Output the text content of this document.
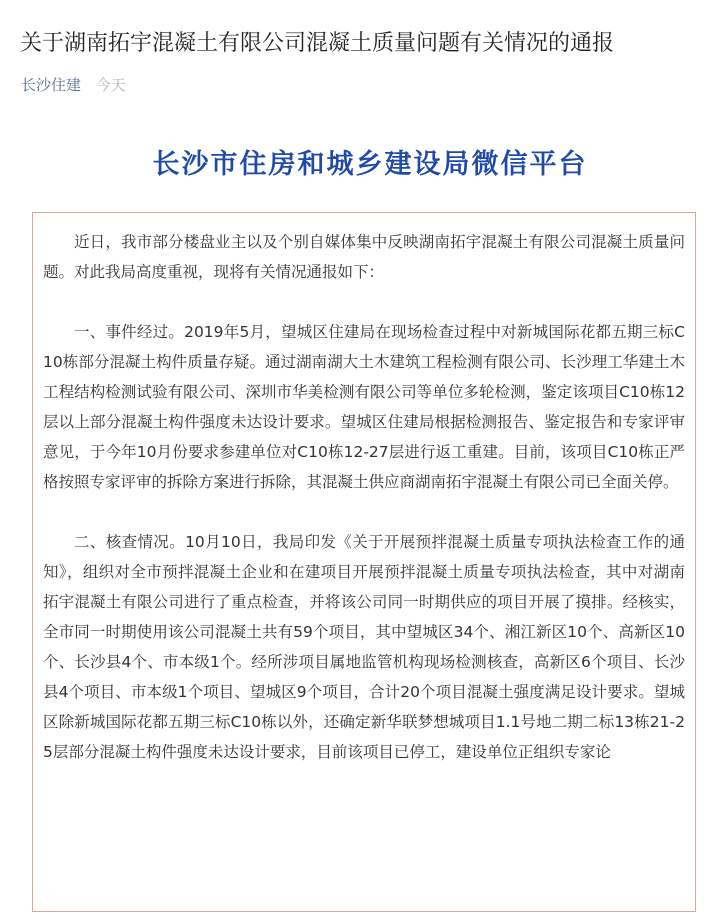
关于湖南拓宇混凝土有限公司混凝土质量问题有关情况的通报
长沙住建 今天
长沙市住房和城乡建设局微信平台

近日，我市部分楼盘业主以及个别自媒体集中反映湖南拓宇混凝土有限公司混凝土质量问题。对此我局高度重视，现将有关情况通报如下：

一、事件经过。2019年5月，望城区住建局在现场检查过程中对新城国际花都五期三标C10栋部分混凝土构件质量存疑。通过湖南湖大土木建筑工程检测有限公司、长沙理工华建土木工程结构检测试验有限公司、深圳市华美检测有限公司等单位多轮检测，鉴定该项目C10栋12层以上部分混凝土构件强度未达设计要求。望城区住建局根据检测报告、鉴定报告和专家评审意见，于今年10月份要求参建单位对C10栋12-27层进行返工重建。目前，该项目C10栋正严格按照专家评审的拆除方案进行拆除，其混凝土供应商湖南拓宇混凝土有限公司已全面关停。

二、核查情况。10月10日，我局印发《关于开展预拌混凝土质量专项执法检查工作的通知》，组织对全市预拌混凝土企业和在建项目开展预拌混凝土质量专项执法检查，其中对湖南拓宇混凝土有限公司进行了重点检查，并将该公司同一时期供应的项目开展了摸排。经核实，全市同一时期使用该公司混凝土共有59个项目，其中望城区34个、湘江新区10个、高新区10个、长沙县4个、市本级1个。经所涉项目属地监管机构现场检测核查，高新区6个项目、长沙县4个项目、市本级1个项目、望城区9个项目，合计20个项目混凝土强度满足设计要求。望城区除新城国际花都五期三标C10栋以外，还确定新华联梦想城项目1.1号地二期二标13栋21-25层部分混凝土构件强度未达设计要求，目前该项目已停工，建设单位正组织专家论
